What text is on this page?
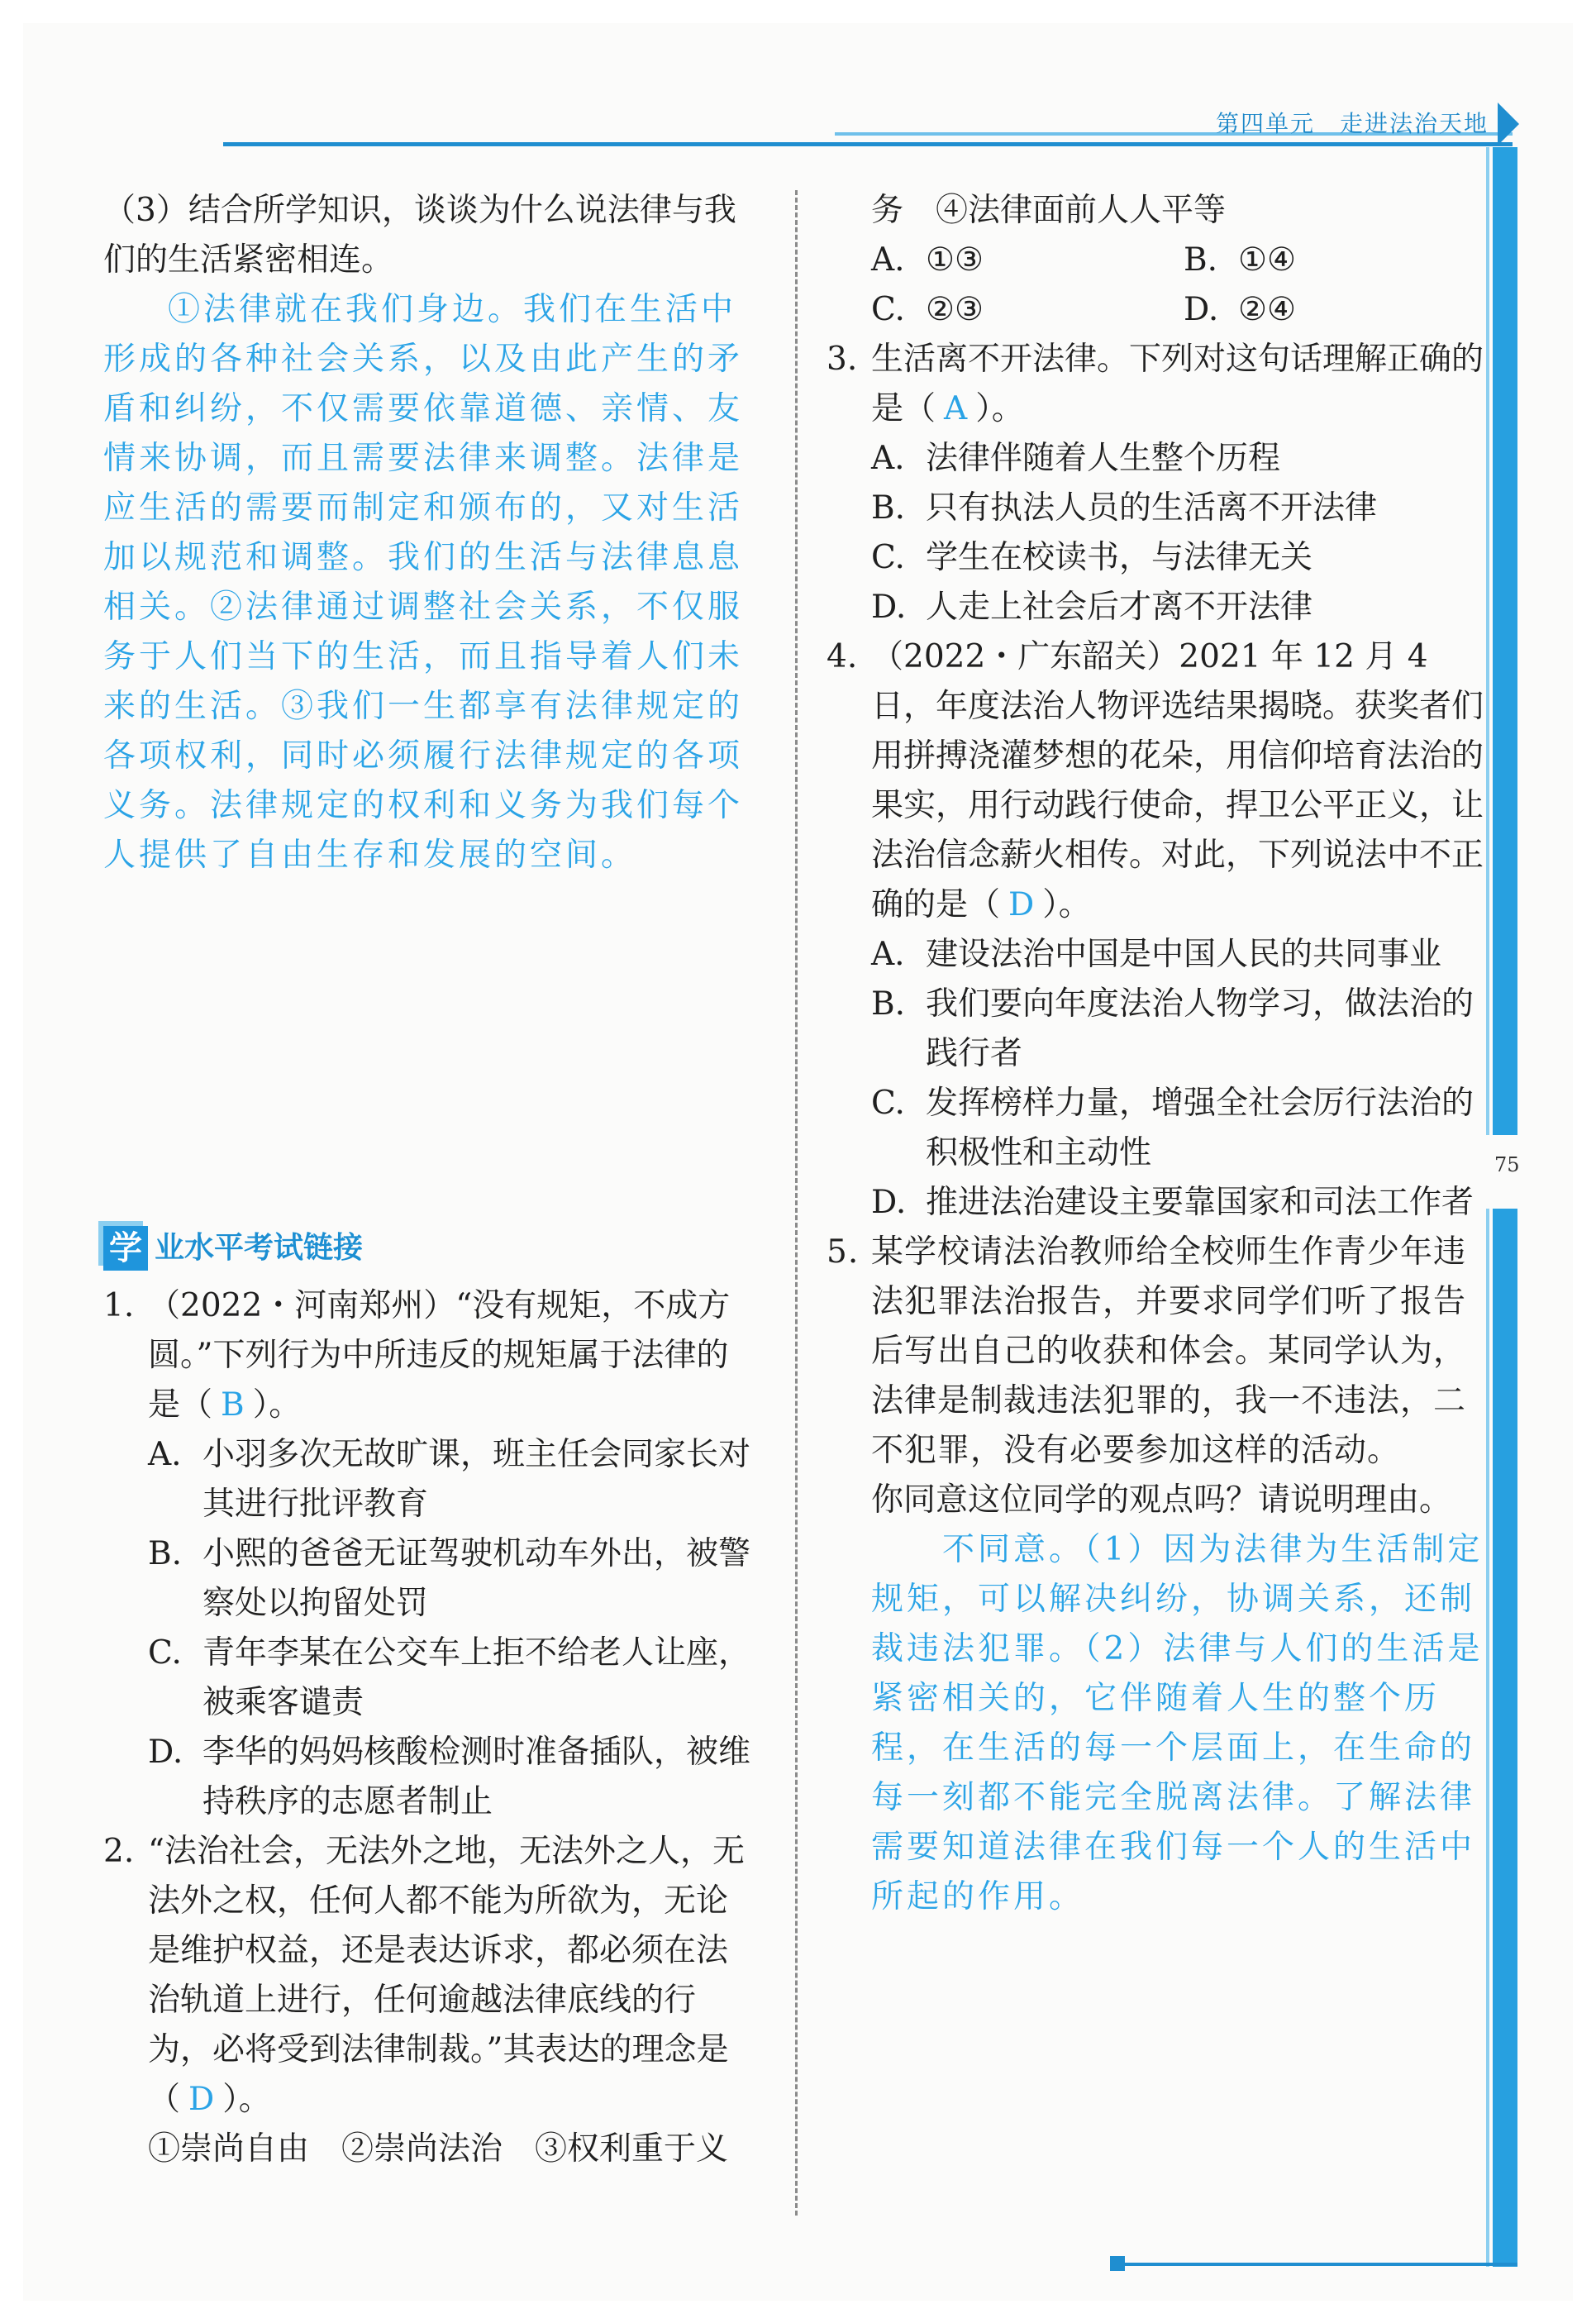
第四单元　走进法治天地
75

（3）结合所学知识，谈谈为什么说法律与我们的生活紧密相连。

①法律就在我们身边。我们在生活中形成的各种社会关系，以及由此产生的矛盾和纠纷，不仅需要依靠道德、亲情、友情来协调，而且需要法律来调整。法律是应生活的需要而制定和颁布的，又对生活加以规范和调整。我们的生活与法律息息相关。②法律通过调整社会关系，不仅服务于人们当下的生活，而且指导着人们未来的生活。③我们一生都享有法律规定的各项权利，同时必须履行法律规定的各项义务。法律规定的权利和义务为我们每个人提供了自由生存和发展的空间。

学 业水平考试链接

1. （2022・河南郑州）“没有规矩，不成方圆。”下列行为中所违反的规矩属于法律的是（ B ）。

A. 小羽多次无故旷课，班主任会同家长对其进行批评教育

B. 小熙的爸爸无证驾驶机动车外出，被警察处以拘留处罚

C. 青年李某在公交车上拒不给老人让座，被乘客谴责

D. 李华的妈妈核酸检测时准备插队，被维持秩序的志愿者制止

2. “法治社会，无法外之地，无法外之人，无法外之权，任何人都不能为所欲为，无论是维护权益，还是表达诉求，都必须在法治轨道上进行，任何逾越法律底线的行为，必将受到法律制裁。”其表达的理念是（ D ）。

①崇尚自由　②崇尚法治　③权利重于义

务　④法律面前人人平等

A. ①③	B. ①④
C. ②③	D. ②④

3. 生活离不开法律。下列对这句话理解正确的是（ A ）。

A. 法律伴随着人生整个历程

B. 只有执法人员的生活离不开法律

C. 学生在校读书，与法律无关

D. 人走上社会后才离不开法律

4. （2022・广东韶关）2021 年 12 月 4 日，年度法治人物评选结果揭晓。获奖者们用拼搏浇灌梦想的花朵，用信仰培育法治的果实，用行动践行使命，捍卫公平正义，让法治信念薪火相传。对此，下列说法中不正确的是（ D ）。

A. 建设法治中国是中国人民的共同事业

B. 我们要向年度法治人物学习，做法治的践行者

C. 发挥榜样力量，增强全社会厉行法治的积极性和主动性

D. 推进法治建设主要靠国家和司法工作者

5. 某学校请法治教师给全校师生作青少年违法犯罪法治报告，并要求同学们听了报告后写出自己的收获和体会。某同学认为，法律是制裁违法犯罪的，我一不违法，二不犯罪，没有必要参加这样的活动。

你同意这位同学的观点吗？请说明理由。

　　不同意。（1）因为法律为生活制定规矩，可以解决纠纷，协调关系，还制裁违法犯罪。（2）法律与人们的生活是紧密相关的，它伴随着人生的整个历程，在生活的每一个层面上，在生命的每一刻都不能完全脱离法律。了解法律需要知道法律在我们每一个人的生活中所起的作用。
